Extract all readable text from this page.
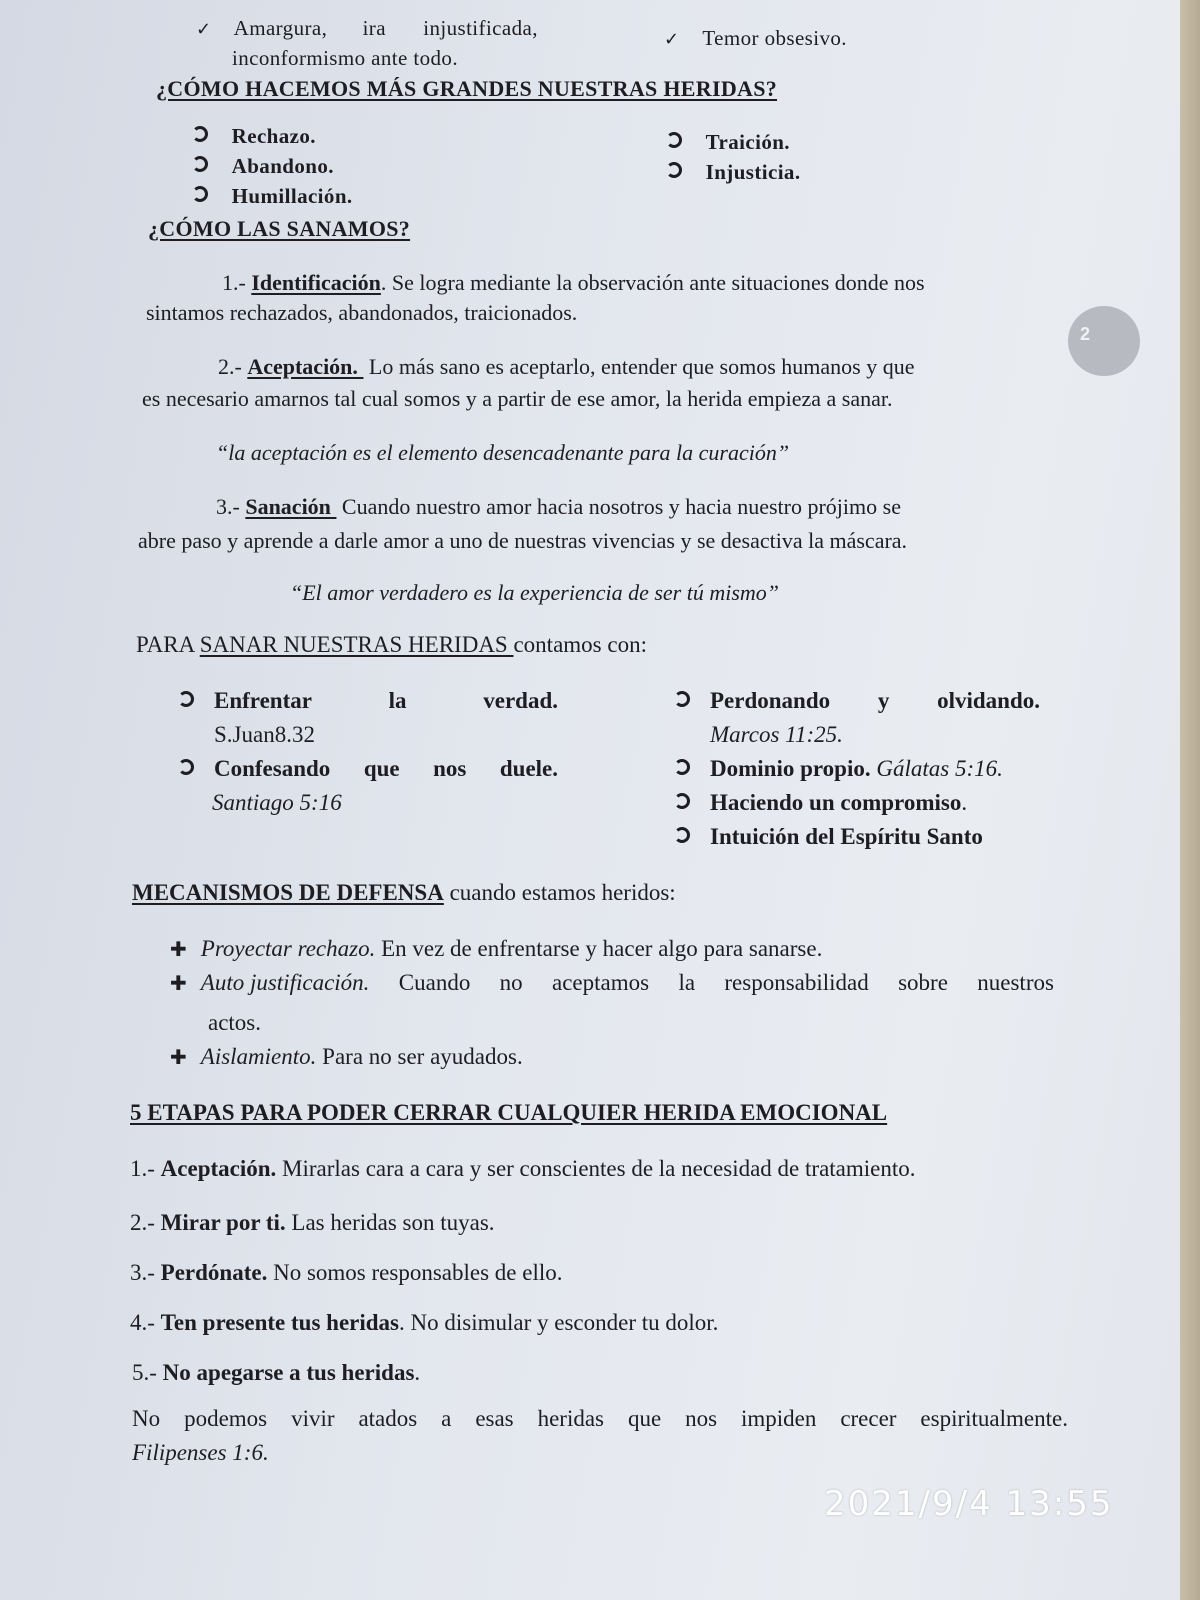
✓ Amargura, ira injustificada,
inconformismo ante todo.
✓ Temor obsesivo.
¿CÓMO HACEMOS MÁS GRANDES NUESTRAS HERIDAS?
Rechazo.
Abandono.
Humillación.
Traición.
Injusticia.
¿CÓMO LAS SANAMOS?
1.- Identificación. Se logra mediante la observación ante situaciones donde nos
sintamos rechazados, abandonados, traicionados.
2.- Aceptación.  Lo más sano es aceptarlo, entender que somos humanos y que
es necesario amarnos tal cual somos y a partir de ese amor, la herida empieza a sanar.
“la aceptación es el elemento desencadenante para la curación”
3.- Sanación  Cuando nuestro amor hacia nosotros y hacia nuestro prójimo se
abre paso y aprende a darle amor a uno de nuestras vivencias y se desactiva la máscara.
“El amor verdadero es la experiencia de ser tú mismo”
PARA SANAR NUESTRAS HERIDAS contamos con:
Enfrentar	la	verdad.
S.Juan8.32
Confesando que nos duele.
Santiago 5:16
Perdonando y olvidando.
Marcos 11:25.
Dominio propio. Gálatas 5:16.
Haciendo un compromiso.
Intuición del Espíritu Santo
MECANISMOS DE DEFENSA cuando estamos heridos:
✚ Proyectar rechazo. En vez de enfrentarse y hacer algo para sanarse.
✚ Auto justificación. Cuando no aceptamos la responsabilidad sobre nuestros
actos.
✚ Aislamiento. Para no ser ayudados.
5 ETAPAS PARA PODER CERRAR CUALQUIER HERIDA EMOCIONAL
1.- Aceptación. Mirarlas cara a cara y ser conscientes de la necesidad de tratamiento.
2.- Mirar por ti. Las heridas son tuyas.
3.- Perdónate. No somos responsables de ello.
4.- Ten presente tus heridas. No disimular y esconder tu dolor.
5.- No apegarse a tus heridas.
No podemos vivir atados a esas heridas que nos impiden crecer espiritualmente.
Filipenses 1:6.
2
2021/9/4 13:55
